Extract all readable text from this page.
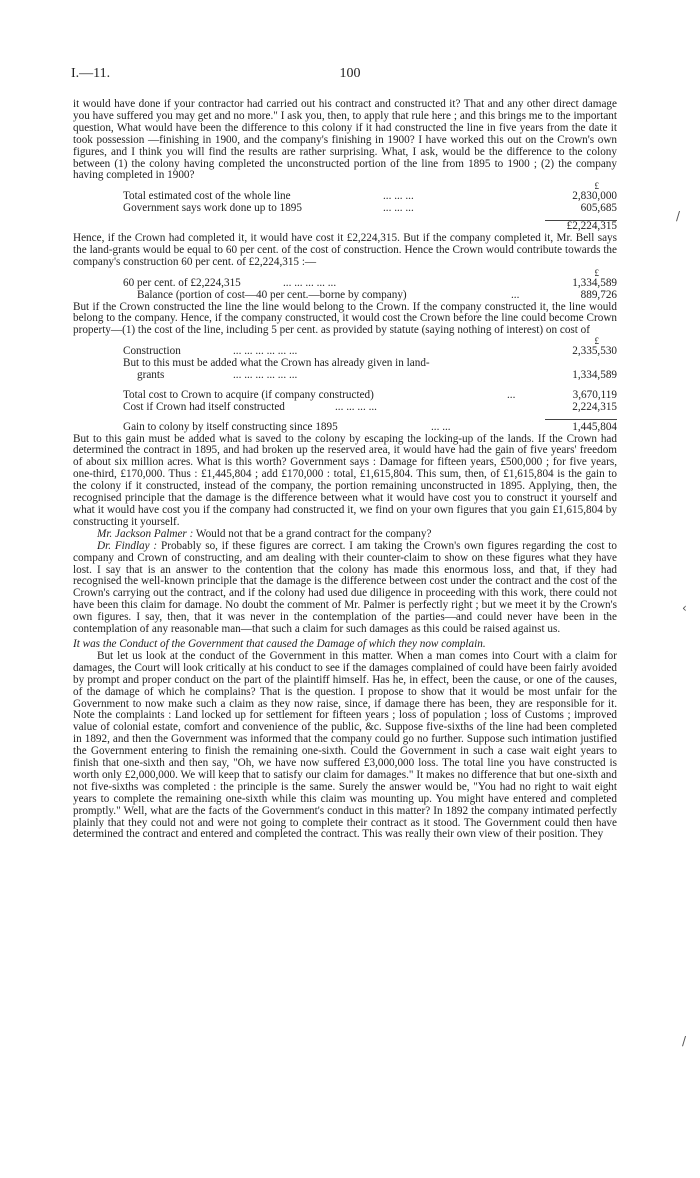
I.—11.	100
/
‹
/

it would have done if your contractor had carried out his contract and constructed it? That and any other direct damage you have suffered you may get and no more." I ask you, then, to apply that rule here ; and this brings me to the important question, What would have been the difference to this colony if it had constructed the line in five years from the date it took possession —finishing in 1900, and the company's finishing in 1900? I have worked this out on the Crown's own figures, and I think you will find the results are rather surprising. What, I ask, would be the difference to the colony between (1) the colony having completed the unconstructed portion of the line from 1895 to 1900 ; (2) the company having completed in 1900?

£
Total estimated cost of the whole line	... ... ...	2,830,000
Government says work done up to 1895	... ... ...	605,685
£2,224,315

Hence, if the Crown had completed it, it would have cost it £2,224,315. But if the company completed it, Mr. Bell says the land-grants would be equal to 60 per cent. of the cost of construction. Hence the Crown would contribute towards the company's construction 60 per cent. of £2,224,315 :—

£
60 per cent. of £2,224,315	... ... ... ... ...	1,334,589
Balance (portion of cost—40 per cent.—borne by company)	...	889,726

But if the Crown constructed the line the line would belong to the Crown. If the company constructed it, the line would belong to the company. Hence, if the company constructed, it would cost the Crown before the line could become Crown property—(1) the cost of the line, including 5 per cent. as provided by statute (saying nothing of interest) on cost of

£
Construction	... ... ... ... ... ...	2,335,530
But to this must be added what the Crown has already given in land-
grants	... ... ... ... ... ...	1,334,589
Total cost to Crown to acquire (if company constructed)	...	3,670,119
Cost if Crown had itself constructed	... ... ... ...	2,224,315
Gain to colony by itself constructing since 1895	... ...	1,445,804

But to this gain must be added what is saved to the colony by escaping the locking-up of the lands. If the Crown had determined the contract in 1895, and had broken up the reserved area, it would have had the gain of five years' freedom of about six million acres. What is this worth? Government says : Damage for fifteen years, £500,000 ; for five years, one-third, £170,000. Thus : £1,445,804 ; add £170,000 : total, £1,615,804. This sum, then, of £1,615,804 is the gain to the colony if it constructed, instead of the company, the portion remaining unconstructed in 1895. Applying, then, the recognised principle that the damage is the difference between what it would have cost you to construct it yourself and what it would have cost you if the company had constructed it, we find on your own figures that you gain £1,615,804 by constructing it yourself.

Mr. Jackson Palmer : Would not that be a grand contract for the company?

Dr. Findlay : Probably so, if these figures are correct. I am taking the Crown's own figures regarding the cost to company and Crown of constructing, and am dealing with their counter-claim to show on these figures what they have lost. I say that is an answer to the contention that the colony has made this enormous loss, and that, if they had recognised the well-known principle that the damage is the difference between cost under the contract and the cost of the Crown's carrying out the contract, and if the colony had used due diligence in proceeding with this work, there could not have been this claim for damage. No doubt the comment of Mr. Palmer is perfectly right ; but we meet it by the Crown's own figures. I say, then, that it was never in the contemplation of the parties—and could never have been in the contemplation of any reasonable man—that such a claim for such damages as this could be raised against us.

It was the Conduct of the Government that caused the Damage of which they now complain.

But let us look at the conduct of the Government in this matter. When a man comes into Court with a claim for damages, the Court will look critically at his conduct to see if the damages complained of could have been fairly avoided by prompt and proper conduct on the part of the plaintiff himself. Has he, in effect, been the cause, or one of the causes, of the damage of which he complains? That is the question. I propose to show that it would be most unfair for the Government to now make such a claim as they now raise, since, if damage there has been, they are responsible for it. Note the complaints : Land locked up for settlement for fifteen years ; loss of population ; loss of Customs ; improved value of colonial estate, comfort and convenience of the public, &c. Suppose five-sixths of the line had been completed in 1892, and then the Government was informed that the company could go no further. Suppose such intimation justified the Government entering to finish the remaining one-sixth. Could the Government in such a case wait eight years to finish that one-sixth and then say, "Oh, we have now suffered £3,000,000 loss. The total line you have constructed is worth only £2,000,000. We will keep that to satisfy our claim for damages." It makes no difference that but one-sixth and not five-sixths was completed : the principle is the same. Surely the answer would be, "You had no right to wait eight years to complete the remaining one-sixth while this claim was mounting up. You might have entered and completed promptly." Well, what are the facts of the Government's conduct in this matter? In 1892 the company intimated perfectly plainly that they could not and were not going to complete their contract as it stood. The Government could then have determined the contract and entered and completed the contract. This was really their own view of their position. They
